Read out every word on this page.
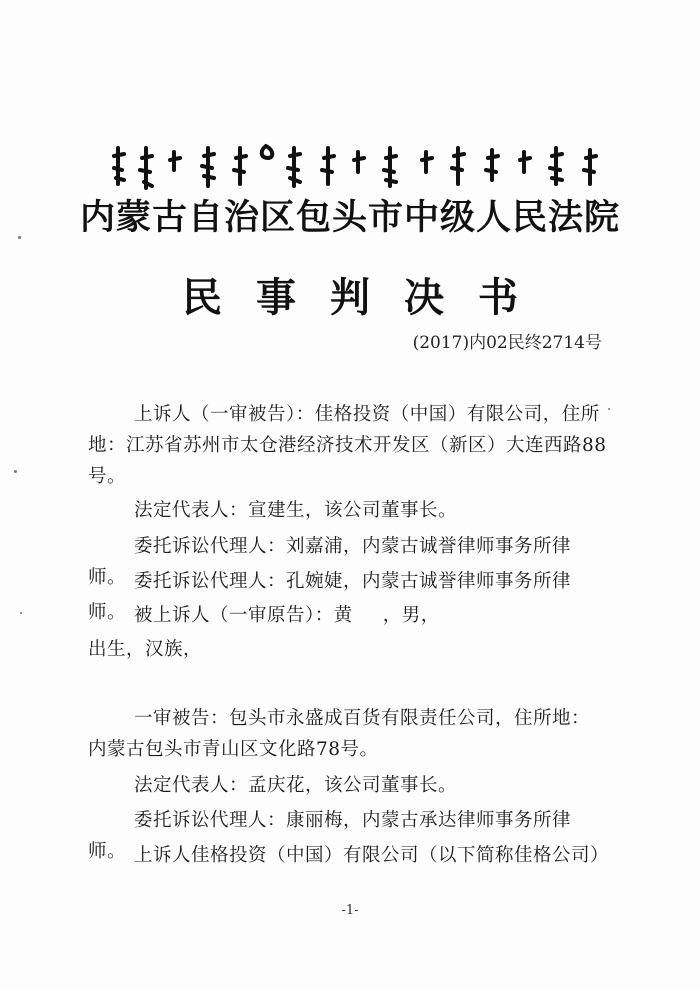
内蒙古自治区包头市中级人民法院
民事判决书
(2017)内02民终2714号
上诉人（一审被告）：佳格投资（中国）有限公司，住所地：江苏省苏州市太仓港经济技术开发区（新区）大连西路88号。
法定代表人：宣建生，该公司董事长。
委托诉讼代理人：刘嘉浦，内蒙古诚誉律师事务所律师。 委托诉讼代理人：孔婉婕，内蒙古诚誉律师事务所律师。 被上诉人（一审原告）：黄 ，男，
出生，汉族，
一审被告：包头市永盛成百货有限责任公司，住所地：内蒙古包头市青山区文化路78号。
法定代表人：孟庆花，该公司董事长。
委托诉讼代理人：康丽梅，内蒙古承达律师事务所律师。 上诉人佳格投资（中国）有限公司（以下简称佳格公司）
-1-
